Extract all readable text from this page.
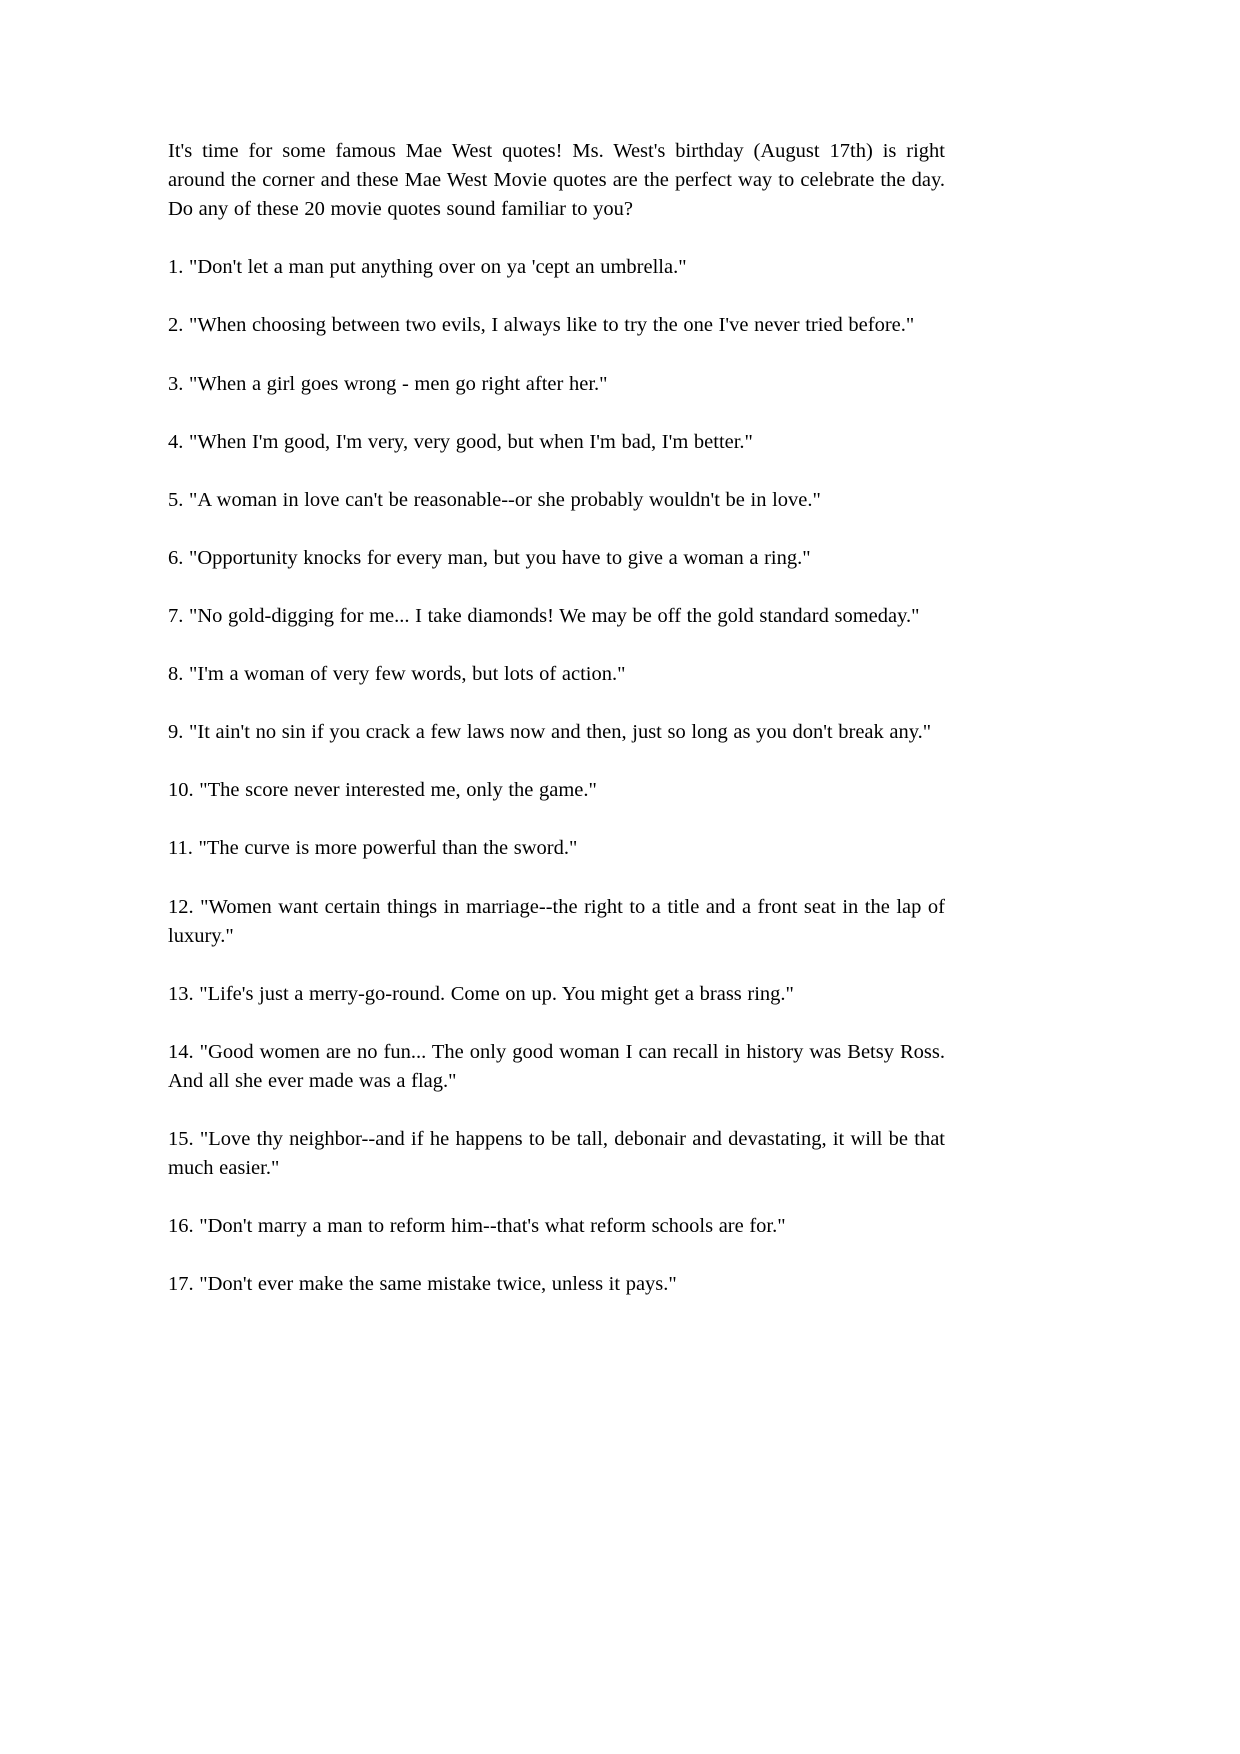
It's time for some famous Mae West quotes! Ms. West's birthday (August 17th) is right around the corner and these Mae West Movie quotes are the perfect way to celebrate the day. Do any of these 20 movie quotes sound familiar to you?

1. "Don't let a man put anything over on ya 'cept an umbrella."

2. "When choosing between two evils, I always like to try the one I've never tried before."

3. "When a girl goes wrong - men go right after her."

4. "When I'm good, I'm very, very good, but when I'm bad, I'm better."

5. "A woman in love can't be reasonable--or she probably wouldn't be in love."

6. "Opportunity knocks for every man, but you have to give a woman a ring."

7. "No gold-digging for me... I take diamonds! We may be off the gold standard someday."

8. "I'm a woman of very few words, but lots of action."

9. "It ain't no sin if you crack a few laws now and then, just so long as you don't break any."

10. "The score never interested me, only the game."

11. "The curve is more powerful than the sword."

12. "Women want certain things in marriage--the right to a title and a front seat in the lap of luxury."

13. "Life's just a merry-go-round. Come on up. You might get a brass ring."

14. "Good women are no fun... The only good woman I can recall in history was Betsy Ross. And all she ever made was a flag."

15. "Love thy neighbor--and if he happens to be tall, debonair and devastating, it will be that much easier."

16. "Don't marry a man to reform him--that's what reform schools are for."

17. "Don't ever make the same mistake twice, unless it pays."
